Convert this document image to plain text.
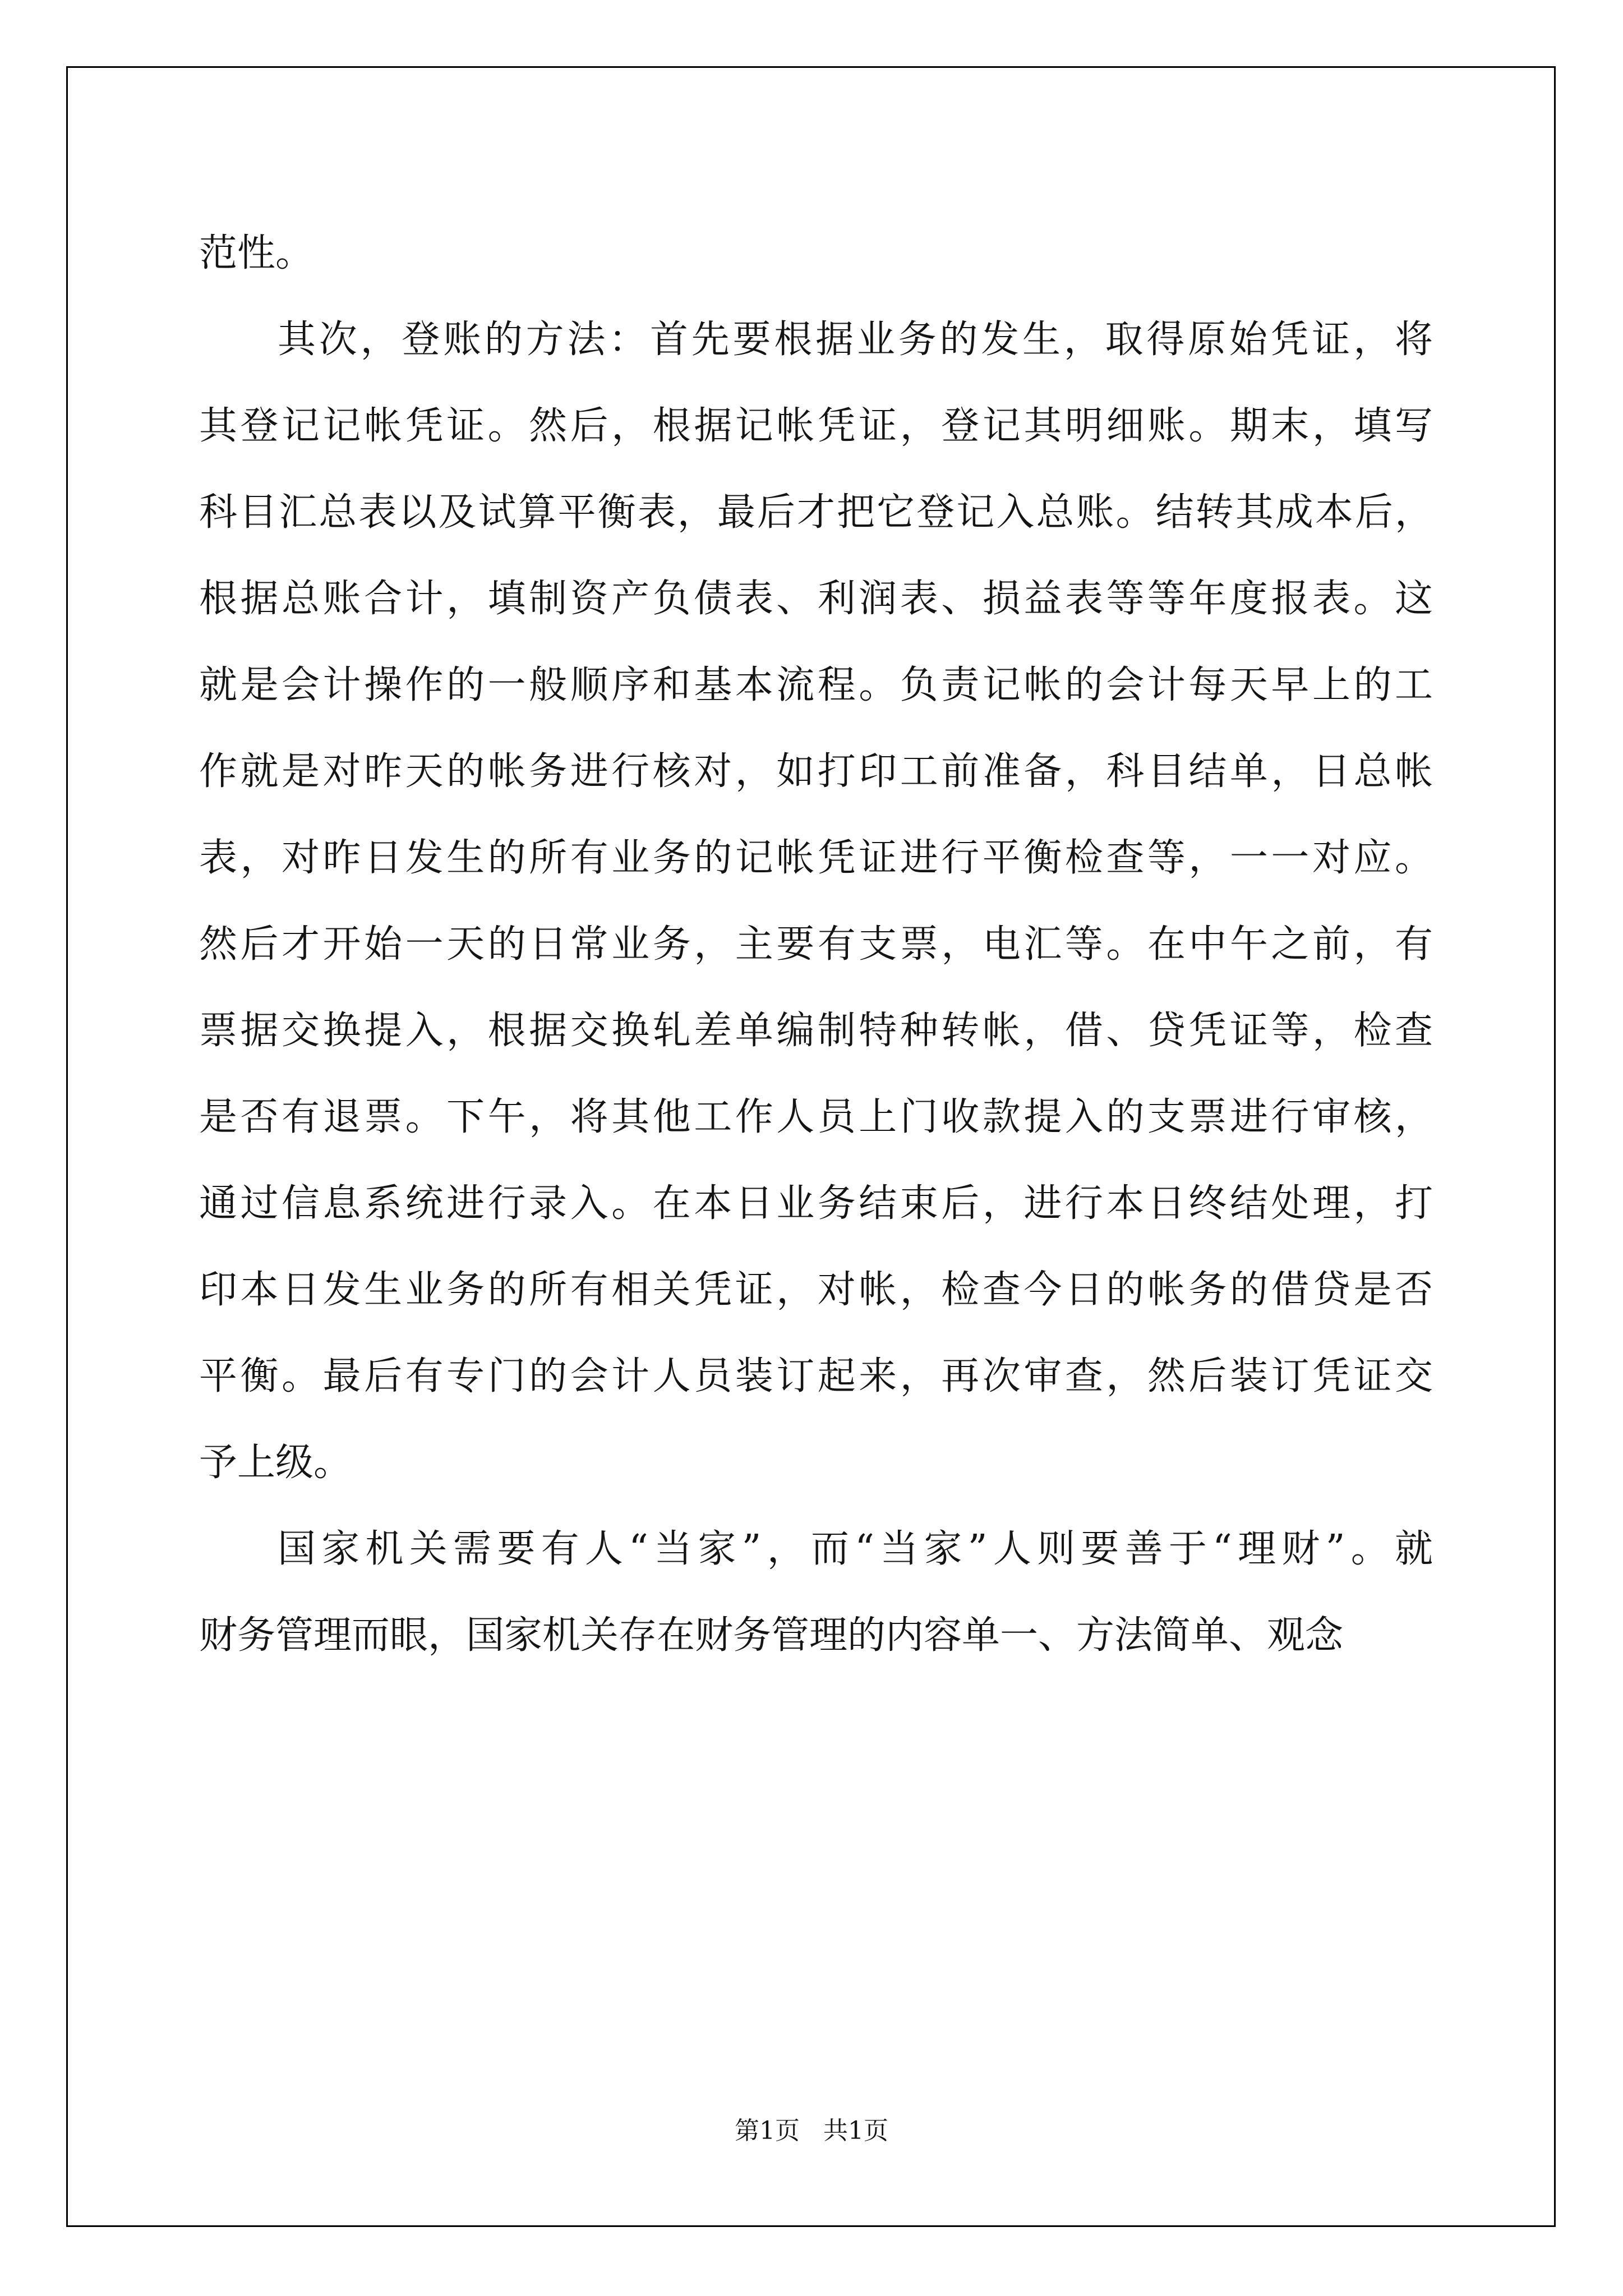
范性。
其次，登账的方法：首先要根据业务的发生，取得原始凭证，将
其登记记帐凭证。然后，根据记帐凭证，登记其明细账。期末，填写
科目汇总表以及试算平衡表，最后才把它登记入总账。结转其成本后，
根据总账合计，填制资产负债表、利润表、损益表等等年度报表。这
就是会计操作的一般顺序和基本流程。负责记帐的会计每天早上的工
作就是对昨天的帐务进行核对，如打印工前准备，科目结单，日总帐
表，对昨日发生的所有业务的记帐凭证进行平衡检查等，一一对应。
然后才开始一天的日常业务，主要有支票，电汇等。在中午之前，有
票据交换提入，根据交换轧差单编制特种转帐，借、贷凭证等，检查
是否有退票。下午，将其他工作人员上门收款提入的支票进行审核，
通过信息系统进行录入。在本日业务结束后，进行本日终结处理，打
印本日发生业务的所有相关凭证，对帐，检查今日的帐务的借贷是否
平衡。最后有专门的会计人员装订起来，再次审查，然后装订凭证交
予上级。
国家机关需要有人“当家”，而“当家”人则要善于“理财”。就
财务管理而眼，国家机关存在财务管理的内容单一、方法简单、观念
第1页   共1页
